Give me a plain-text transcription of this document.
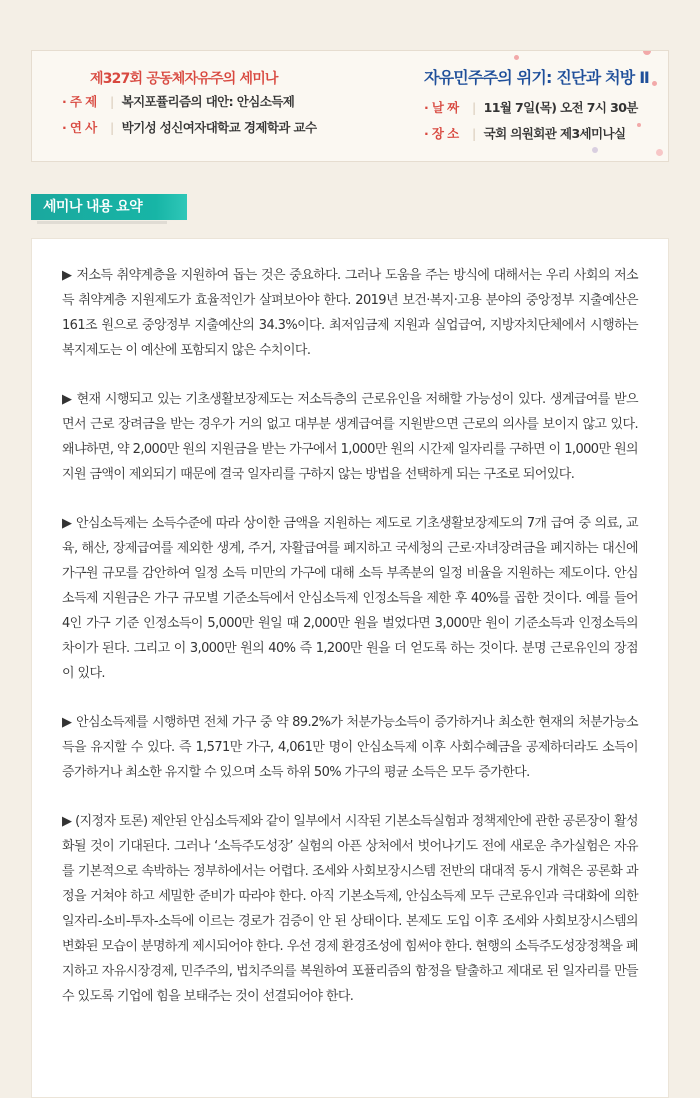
제327회 공동체자유주의 세미나
· 주 제 | 복지포퓰리즘의 대안: 안심소득제
· 연 사 | 박기성 성신여자대학교 경제학과 교수
자유민주주의 위기: 진단과 처방 Ⅱ
· 날 짜 | 11월 7일(목) 오전 7시 30분
· 장 소 | 국회 의원회관 제3세미나실
세미나 내용 요약

▶ 저소득 취약계층을 지원하여 돕는 것은 중요하다. 그러나 도움을 주는 방식에 대해서는 우리 사회의 저소득 취약계층 지원제도가 효율적인가 살펴보아야 한다. 2019년 보건·복지·고용 분야의 중앙정부 지출예산은 161조 원으로 중앙정부 지출예산의 34.3%이다. 최저임금제 지원과 실업급여, 지방자치단체에서 시행하는 복지제도는 이 예산에 포함되지 않은 수치이다.

▶ 현재 시행되고 있는 기초생활보장제도는 저소득층의 근로유인을 저해할 가능성이 있다. 생계급여를 받으면서 근로 장려금을 받는 경우가 거의 없고 대부분 생계급여를 지원받으면 근로의 의사를 보이지 않고 있다. 왜냐하면, 약 2,000만 원의 지원금을 받는 가구에서 1,000만 원의 시간제 일자리를 구하면 이 1,000만 원의 지원 금액이 제외되기 때문에 결국 일자리를 구하지 않는 방법을 선택하게 되는 구조로 되어있다.

▶ 안심소득제는 소득수준에 따라 상이한 금액을 지원하는 제도로 기초생활보장제도의 7개 급여 중 의료, 교육, 해산, 장제급여를 제외한 생계, 주거, 자활급여를 폐지하고 국세청의 근로·자녀장려금을 폐지하는 대신에 가구원 규모를 감안하여 일정 소득 미만의 가구에 대해 소득 부족분의 일정 비율을 지원하는 제도이다. 안심소득제 지원금은 가구 규모별 기준소득에서 안심소득제 인정소득을 제한 후 40%를 곱한 것이다. 예를 들어 4인 가구 기준 인정소득이 5,000만 원일 때 2,000만 원을 벌었다면 3,000만 원이 기준소득과 인정소득의 차이가 된다. 그리고 이 3,000만 원의 40% 즉 1,200만 원을 더 얻도록 하는 것이다. 분명 근로유인의 장점이 있다.

▶ 안심소득제를 시행하면 전체 가구 중 약 89.2%가 처분가능소득이 증가하거나 최소한 현재의 처분가능소득을 유지할 수 있다. 즉 1,571만 가구, 4,061만 명이 안심소득제 이후 사회수혜금을 공제하더라도 소득이 증가하거나 최소한 유지할 수 있으며 소득 하위 50% 가구의 평균 소득은 모두 증가한다.

▶ (지정자 토론) 제안된 안심소득제와 같이 일부에서 시작된 기본소득실험과 정책제안에 관한 공론장이 활성화될 것이 기대된다. 그러나 ‘소득주도성장’ 실험의 아픈 상처에서 벗어나기도 전에 새로운 추가실험은 자유를 기본적으로 속박하는 정부하에서는 어렵다. 조세와 사회보장시스템 전반의 대대적 동시 개혁은 공론화 과정을 거쳐야 하고 세밀한 준비가 따라야 한다. 아직 기본소득제, 안심소득제 모두 근로유인과 극대화에 의한 일자리-소비-투자-소득에 이르는 경로가 검증이 안 된 상태이다. 본제도 도입 이후 조세와 사회보장시스템의 변화된 모습이 분명하게 제시되어야 한다. 우선 경제 환경조성에 힘써야 한다. 현행의 소득주도성장정책을 폐지하고 자유시장경제, 민주주의, 법치주의를 복원하여 포퓰리즘의 함정을 탈출하고 제대로 된 일자리를 만들 수 있도록 기업에 힘을 보태주는 것이 선결되어야 한다.
